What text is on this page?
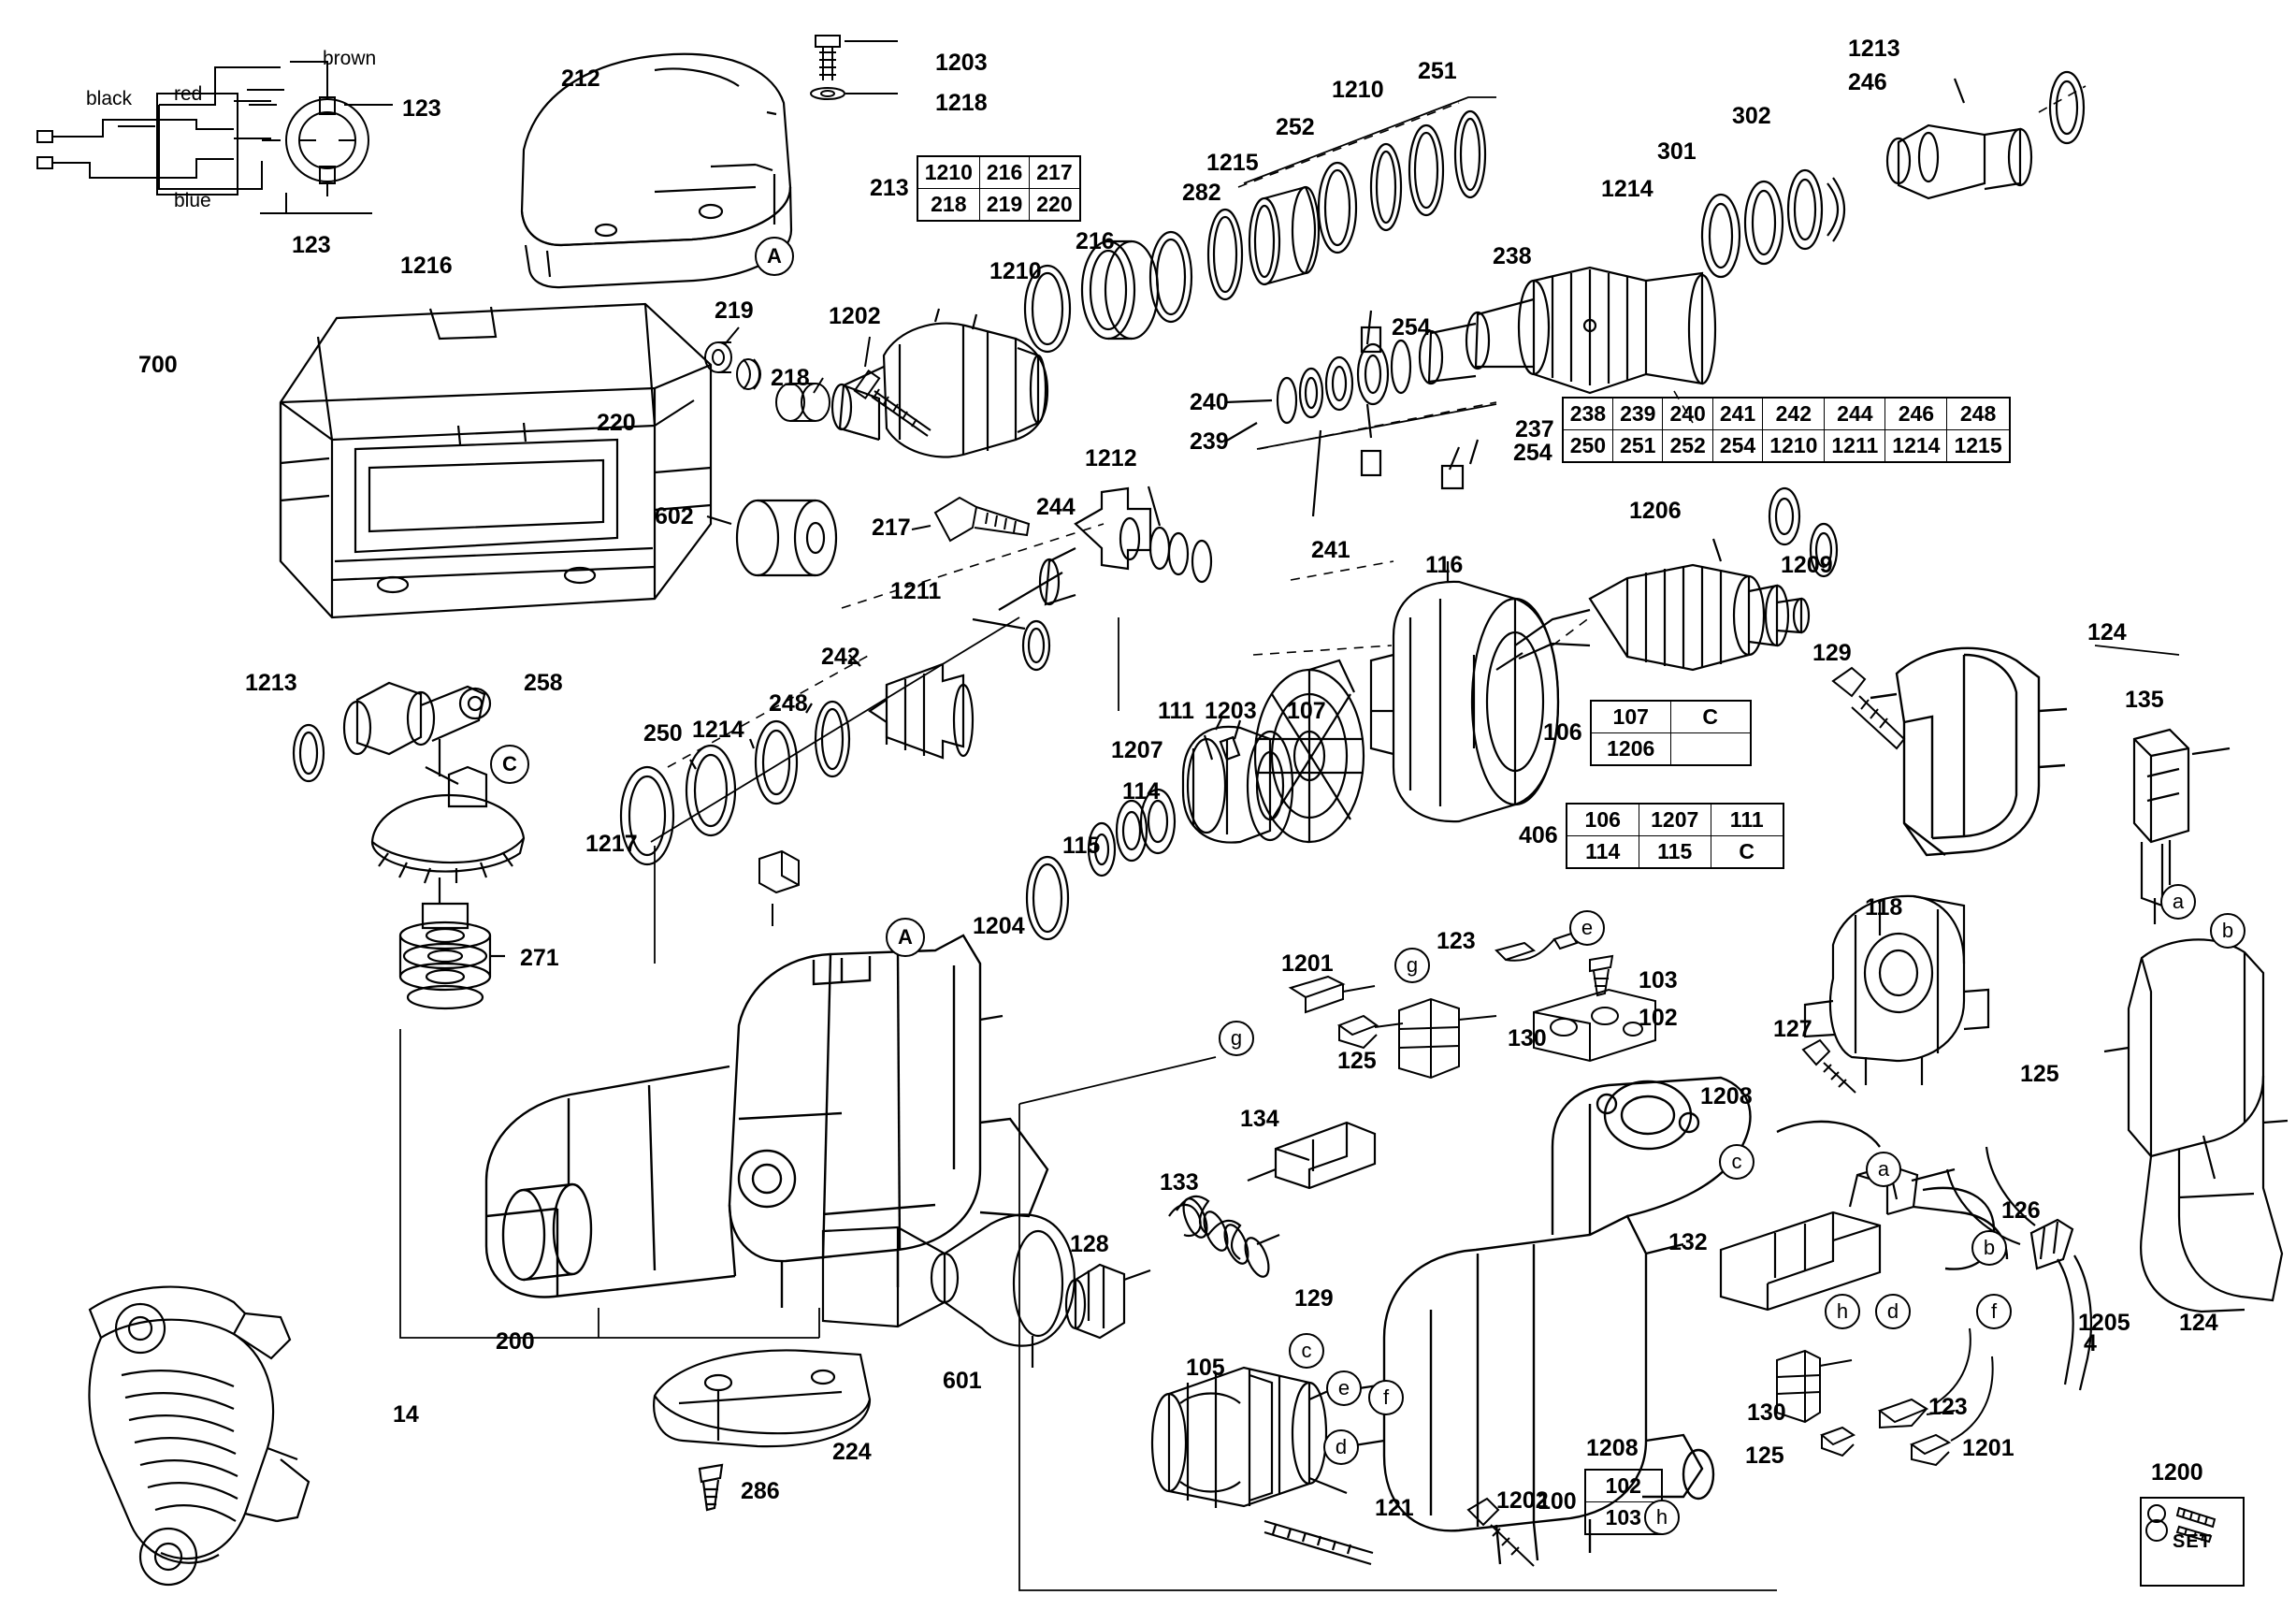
black red
brown
blue
123
123
1203
1218
212
1216
700
219
220
218
1202
602	217
244
1212
1211
242
248
1214
250
1213	258
271
1217
1204
115
114
1207
111 1203 107
116
1206
1209
129
124
135
118
127
125
126
1205 124
4
1201
123
103
102
130
125
1208
134
133
128
129
132
105
121	1202
1208
130
125
123
1201
1200
14
286
224
601
200
1210
216
282
1215
252
1210
251
240
239
241
254
254
238
1214
301
302
1213
246
213
1210	216	217
218	219	220
237
238	239	240	241	242	244	246	248
250	251	252	254	1210	1211	1214	1215
106
107	C
1206	
406
106	1207	111
114	115	C
100
102
103
A
A
C
a
b
c	a
b
h	d	f
g
g
e
c
e	f
d
h
SET
